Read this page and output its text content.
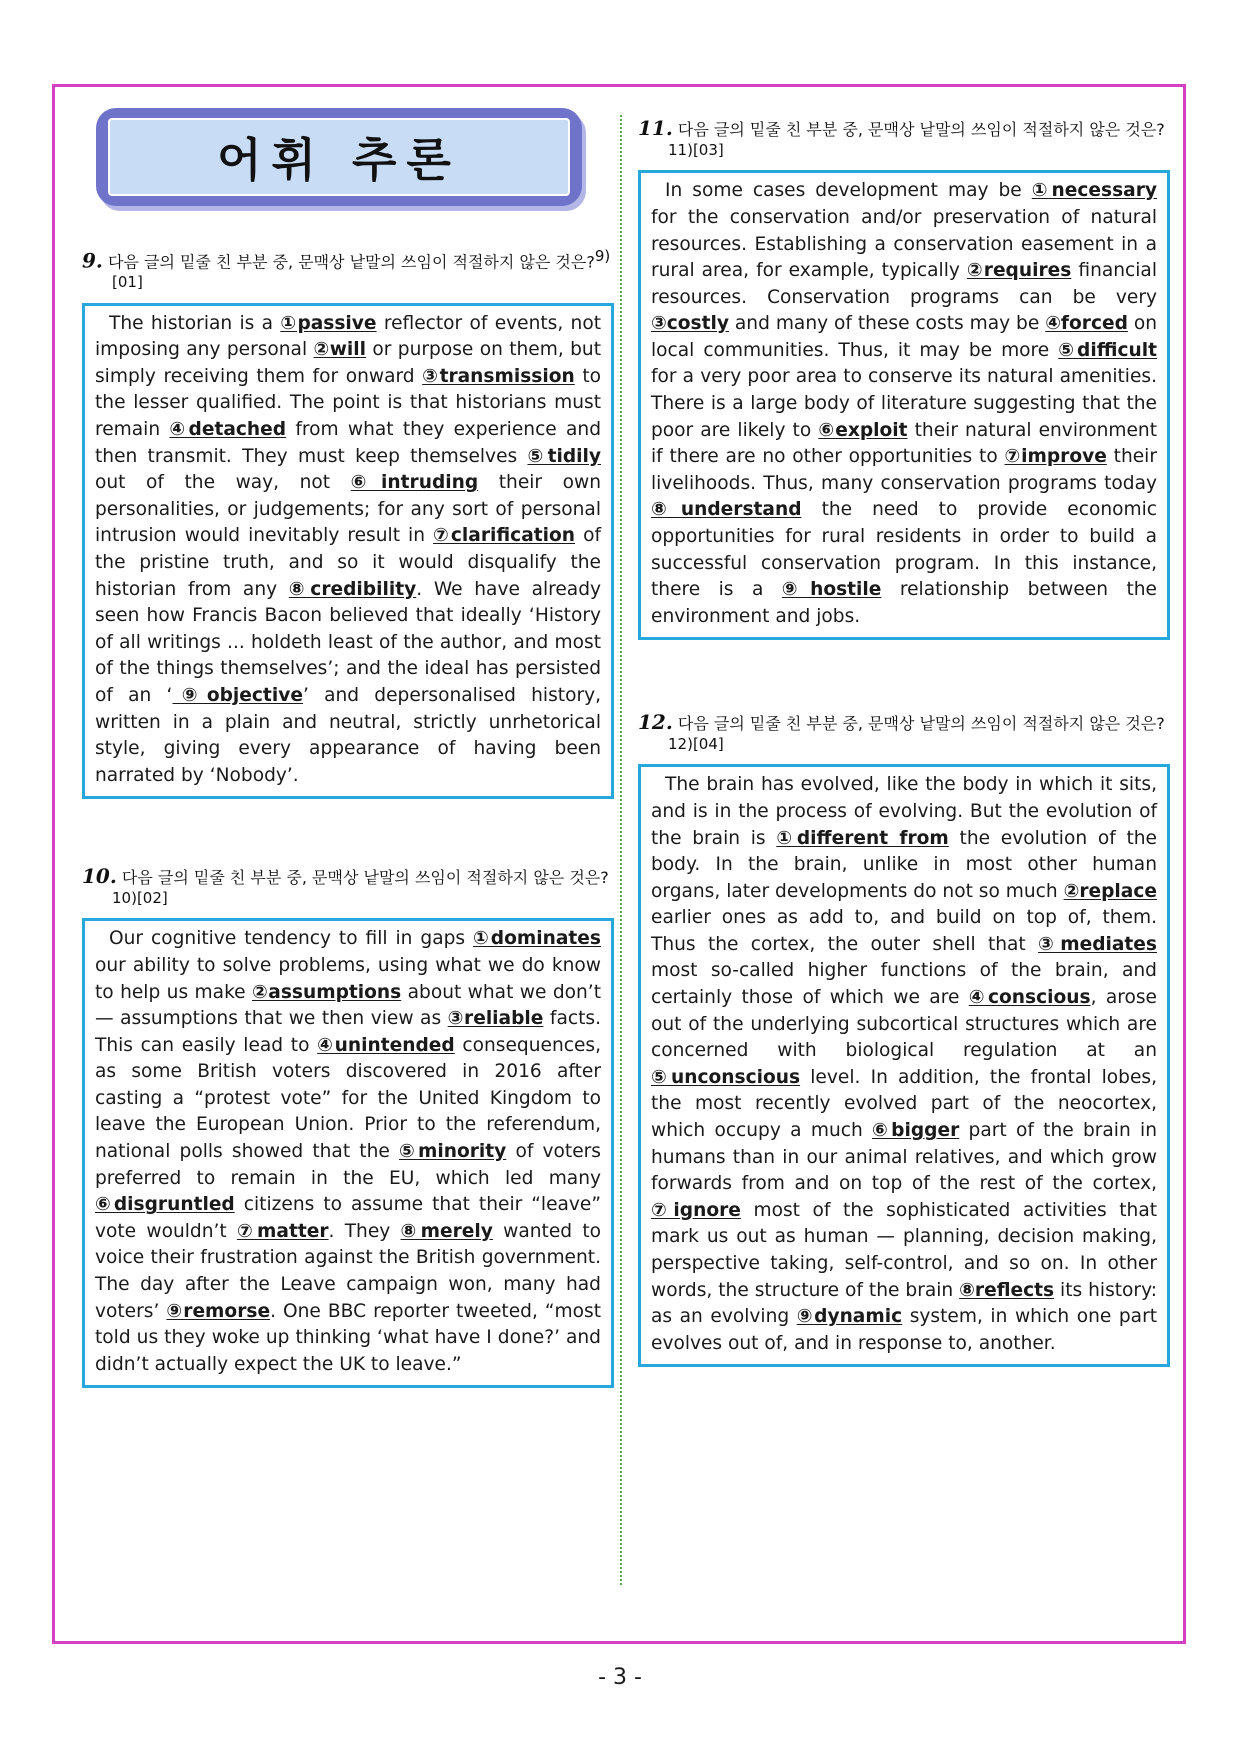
어휘 추론
9. 다음 글의 밑줄 친 부분 중, 문맥상 낱말의 쓰임이 적절하지 않은 것은?$^{9)[01]}$

The historian is a ①passive reflector of events, not imposing any personal ②will or purpose on them, but simply receiving them for onward ③transmission to the lesser qualified. The point is that historians must remain ④detached from what they experience and then transmit. They must keep themselves ⑤tidily out of the way, not ⑥intruding their own personalities, or judgements; for any sort of personal intrusion would inevitably result in ⑦clarification of the pristine truth, and so it would disqualify the historian from any ⑧credibility. We have already seen how Francis Bacon believed that ideally ‘History of all writings ... holdeth least of the author, and most of the things themselves’; and the ideal has persisted of an ‘⑨objective’ and depersonalised history, written in a plain and neutral, strictly unrhetorical style, giving every appearance of having been narrated by ‘Nobody’.

10. 다음 글의 밑줄 친 부분 중, 문맥상 낱말의 쓰임이 적절하지 않은 것은?$^{10)[02]}$

Our cognitive tendency to fill in gaps ①dominates our ability to solve problems, using what we do know to help us make ②assumptions about what we don’t — assumptions that we then view as ③reliable facts. This can easily lead to ④unintended consequences, as some British voters discovered in 2016 after casting a “protest vote” for the United Kingdom to leave the European Union. Prior to the referendum, national polls showed that the ⑤minority of voters preferred to remain in the EU, which led many ⑥disgruntled citizens to assume that their “leave” vote wouldn’t ⑦matter. They ⑧merely wanted to voice their frustration against the British government. The day after the Leave campaign won, many had voters’ ⑨remorse. One BBC reporter tweeted, “most told us they woke up thinking ‘what have I done?’ and didn’t actually expect the UK to leave.”

11. 다음 글의 밑줄 친 부분 중, 문맥상 낱말의 쓰임이 적절하지 않은 것은?$^{11)[03]}$

In some cases development may be ①necessary for the conservation and/or preservation of natural resources. Establishing a conservation easement in a rural area, for example, typically ②requires financial resources. Conservation programs can be very ③costly and many of these costs may be ④forced on local communities. Thus, it may be more ⑤difficult for a very poor area to conserve its natural amenities. There is a large body of literature suggesting that the poor are likely to ⑥exploit their natural environment if there are no other opportunities to ⑦improve their livelihoods. Thus, many conservation programs today ⑧understand the need to provide economic opportunities for rural residents in order to build a successful conservation program. In this instance, there is a ⑨hostile relationship between the environment and jobs.

12. 다음 글의 밑줄 친 부분 중, 문맥상 낱말의 쓰임이 적절하지 않은 것은?$^{12)[04]}$

The brain has evolved, like the body in which it sits, and is in the process of evolving. But the evolution of the brain is ①different from the evolution of the body. In the brain, unlike in most other human organs, later developments do not so much ②replace earlier ones as add to, and build on top of, them. Thus the cortex, the outer shell that ③mediates most so-called higher functions of the brain, and certainly those of which we are ④conscious, arose out of the underlying subcortical structures which are concerned with biological regulation at an ⑤unconscious level. In addition, the frontal lobes, the most recently evolved part of the neocortex, which occupy a much ⑥bigger part of the brain in humans than in our animal relatives, and which grow forwards from and on top of the rest of the cortex, ⑦ignore most of the sophisticated activities that mark us out as human — planning, decision making, perspective taking, self-control, and so on. In other words, the structure of the brain ⑧reflects its history: as an evolving ⑨dynamic system, in which one part evolves out of, and in response to, another.

- 3 -
